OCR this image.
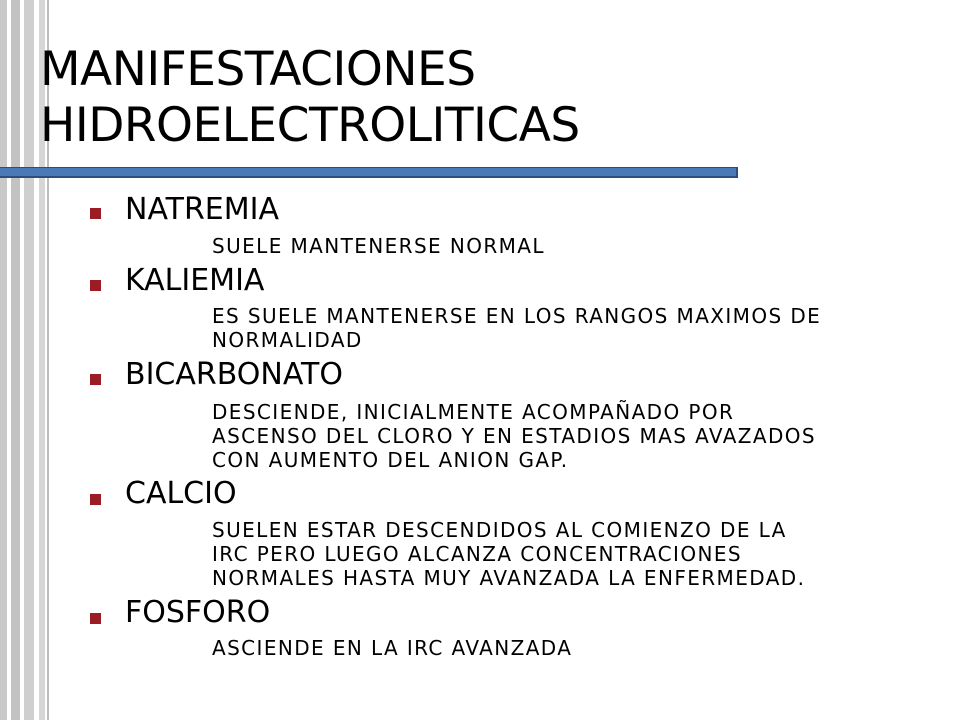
MANIFESTACIONES
HIDROELECTROLITICAS
NATREMIA
SUELE MANTENERSE NORMAL
KALIEMIA
ES SUELE MANTENERSE EN LOS RANGOS MAXIMOS DE
NORMALIDAD
BICARBONATO
DESCIENDE, INICIALMENTE ACOMPAÑADO POR
ASCENSO DEL CLORO Y EN ESTADIOS MAS AVAZADOS
CON AUMENTO DEL ANION GAP.
CALCIO
SUELEN ESTAR DESCENDIDOS AL COMIENZO DE LA
IRC PERO LUEGO ALCANZA CONCENTRACIONES
NORMALES HASTA MUY AVANZADA LA ENFERMEDAD.
FOSFORO
ASCIENDE EN LA IRC AVANZADA
